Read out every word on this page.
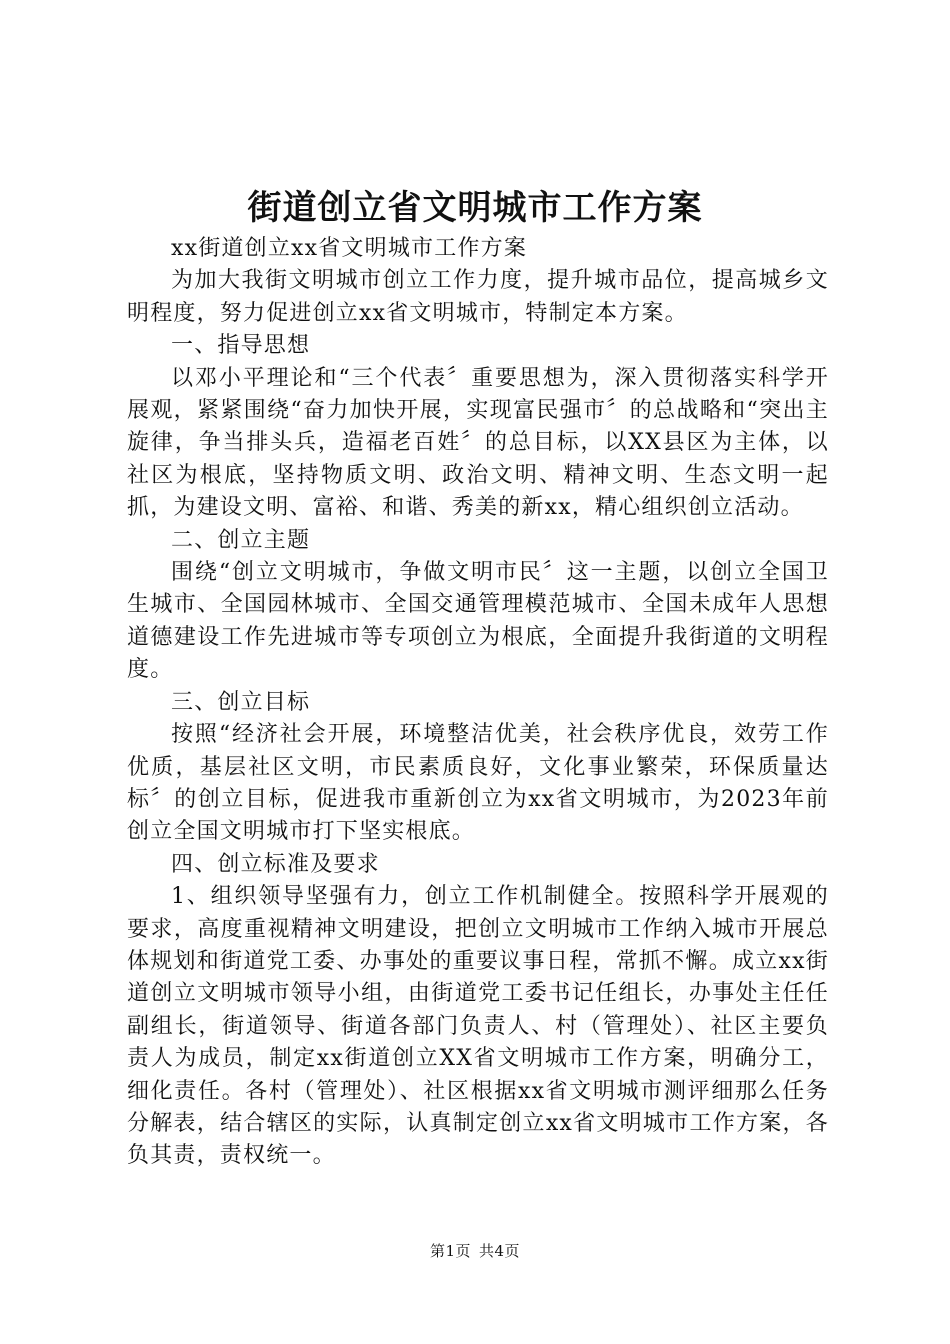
街道创立省文明城市工作方案

xx街道创立xx省文明城市工作方案

为加大我街文明城市创立工作力度，提升城市品位，提高城乡文明程度，努力促进创立xx省文明城市，特制定本方案。

一、指导思想

以邓小平理论和“三个代表〞重要思想为，深入贯彻落实科学开展观，紧紧围绕“奋力加快开展，实现富民强市〞的总战略和“突出主旋律，争当排头兵，造福老百姓〞的总目标，以XX县区为主体，以社区为根底，坚持物质文明、政治文明、精神文明、生态文明一起抓，为建设文明、富裕、和谐、秀美的新xx，精心组织创立活动。

二、创立主题

围绕“创立文明城市，争做文明市民〞这一主题，以创立全国卫生城市、全国园林城市、全国交通管理模范城市、全国未成年人思想道德建设工作先进城市等专项创立为根底，全面提升我街道的文明程度。

三、创立目标

按照“经济社会开展，环境整洁优美，社会秩序优良，效劳工作优质，基层社区文明，市民素质良好，文化事业繁荣，环保质量达标〞的创立目标，促进我市重新创立为xx省文明城市，为2023年前创立全国文明城市打下坚实根底。

四、创立标准及要求

1、组织领导坚强有力，创立工作机制健全。按照科学开展观的要求，高度重视精神文明建设，把创立文明城市工作纳入城市开展总体规划和街道党工委、办事处的重要议事日程，常抓不懈。成立xx街道创立文明城市领导小组，由街道党工委书记任组长，办事处主任任副组长，街道领导、街道各部门负责人、村（管理处）、社区主要负责人为成员，制定xx街道创立XX省文明城市工作方案，明确分工，细化责任。各村（管理处）、社区根据xx省文明城市测评细那么任务分解表，结合辖区的实际，认真制定创立xx省文明城市工作方案，各负其责，责权统一。

第1页 共4页
